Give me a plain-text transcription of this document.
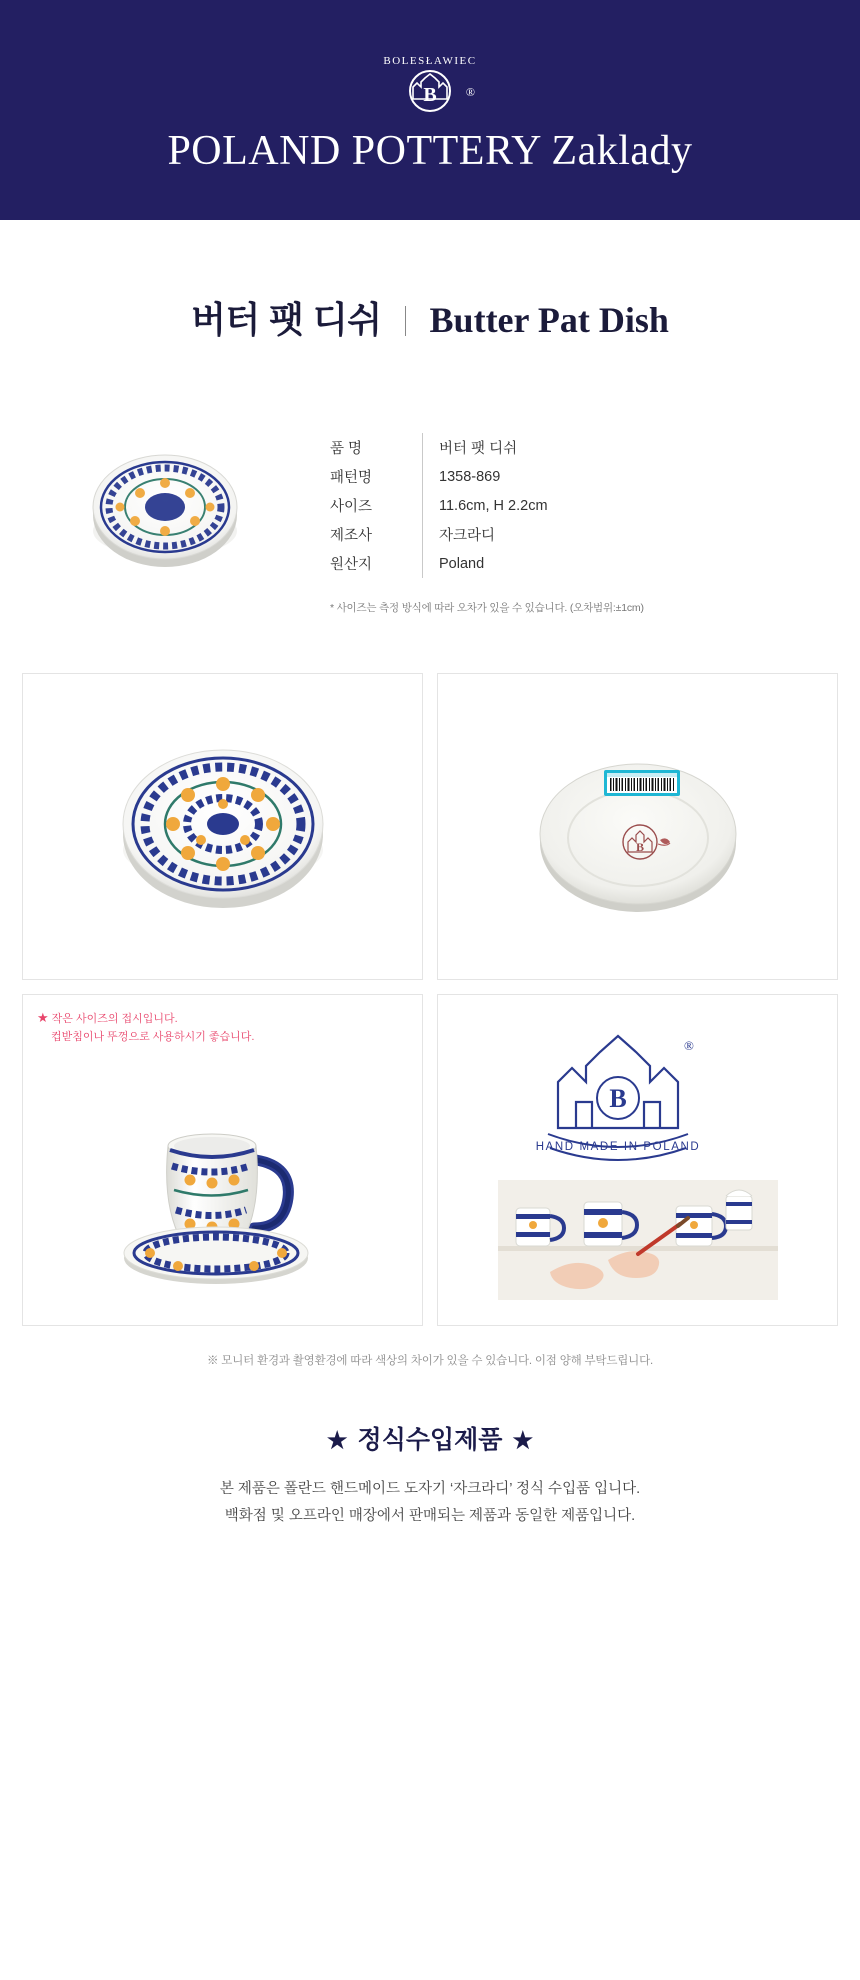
BOLESŁAWIEC
B ®
POLAND POTTERY Zaklady
버터 팻 디쉬 Butter Pat Dish
품 명	버터 팻 디쉬
패턴명	1358-869
사이즈	11.6cm, H 2.2cm
제조사	자크라디
원산지	Poland
* 사이즈는 측정 방식에 따라 오차가 있을 수 있습니다. (오차범위:±1cm)
B
★ 작은 사이즈의 접시입니다.
컵받침이나 뚜껑으로 사용하시기 좋습니다.
B
®
HAND MADE IN POLAND
※ 모니터 환경과 촬영환경에 따라 색상의 차이가 있을 수 있습니다. 이점 양해 부탁드립니다.
★ 정식수입제품 ★
본 제품은 폴란드 핸드메이드 도자기 ‘자크라디’ 정식 수입품 입니다.
백화점 및 오프라인 매장에서 판매되는 제품과 동일한 제품입니다.
